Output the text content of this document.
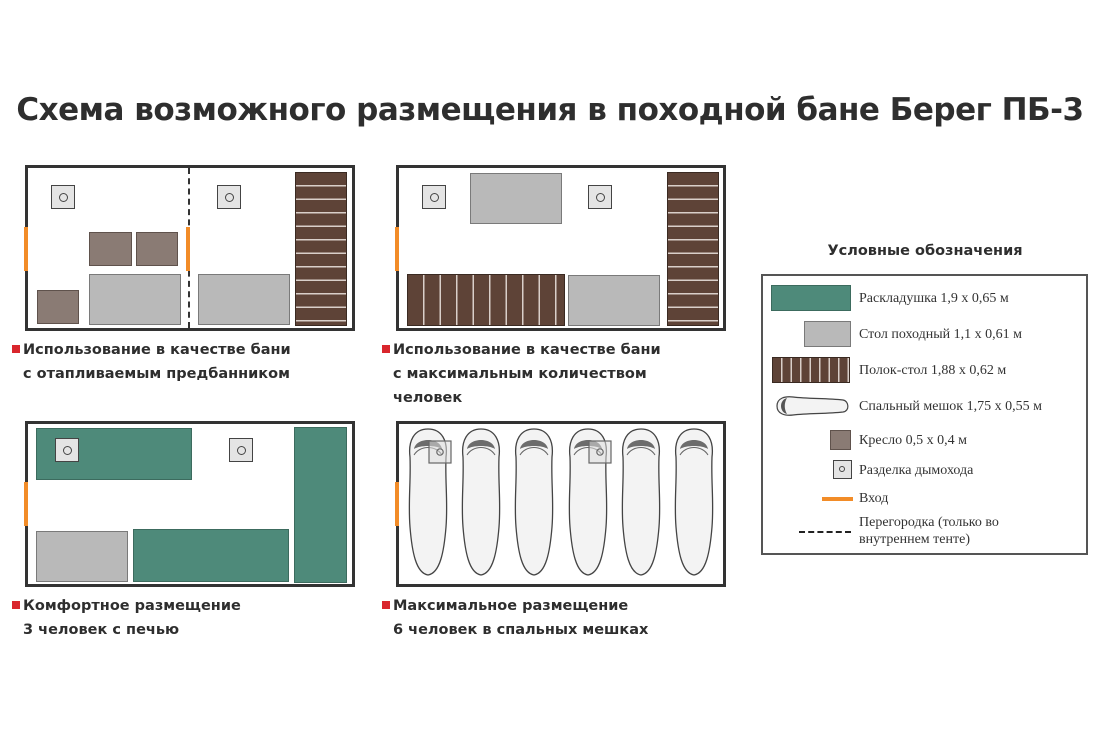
Схема возможного размещения в походной бане Берег ПБ-3
Использование в качестве бани
с отапливаемым предбанником
Использование в качестве бани
с максимальным количеством
человек
Комфортное размещение
3 человек с печью
Максимальное размещение
6 человек в спальных мешках
Условные обозначения
Раскладушка 1,9 х 0,65 м
Стол походный 1,1 х 0,61 м
Полок-стол 1,88 х 0,62 м
Спальный мешок 1,75 х 0,55 м
Кресло 0,5 х 0,4 м
Разделка дымохода
Вход
Перегородка (только во
внутреннем тенте)
